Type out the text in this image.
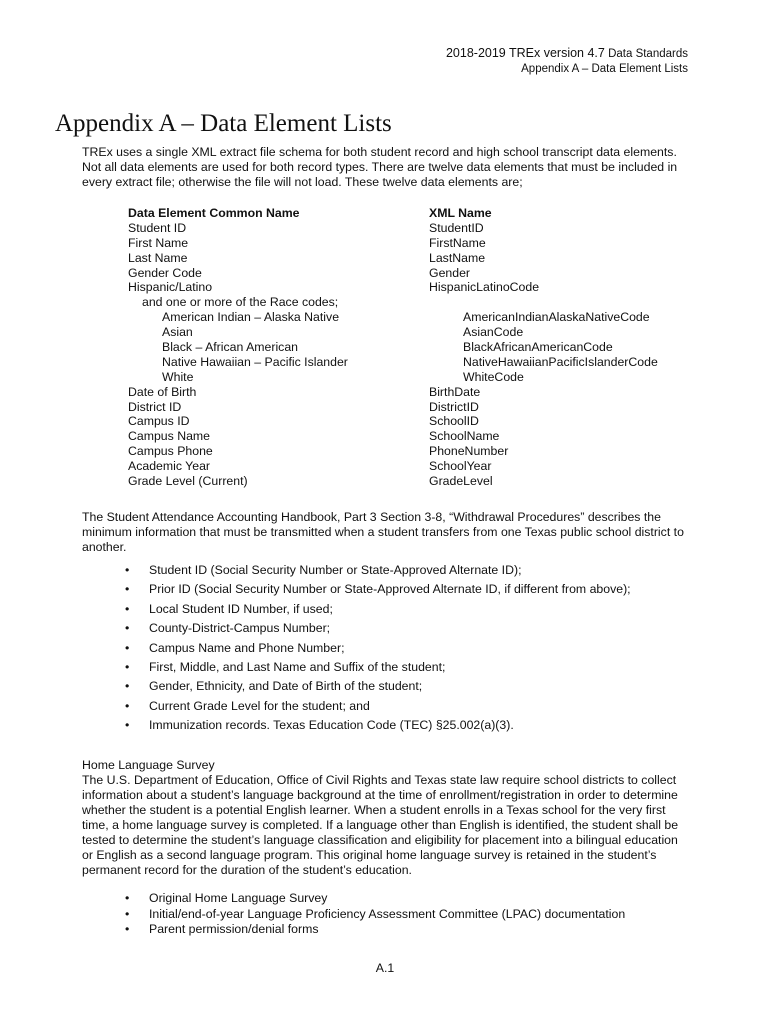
2018-2019 TREx version 4.7 Data Standards
Appendix A – Data Element Lists
Appendix A – Data Element Lists

TREx uses a single XML extract file schema for both student record and high school transcript data elements. Not all data elements are used for both record types. There are twelve data elements that must be included in every extract file; otherwise the file will not load. These twelve data elements are;

Data Element Common Name	XML Name
Student ID	StudentID
First Name	FirstName
Last Name	LastName
Gender Code	Gender
Hispanic/Latino	HispanicLatinoCode
and one or more of the Race codes;
American Indian – Alaska Native	AmericanIndianAlaskaNativeCode
Asian	AsianCode
Black – African American	BlackAfricanAmericanCode
Native Hawaiian – Pacific Islander	NativeHawaiianPacificIslanderCode
White	WhiteCode
Date of Birth	BirthDate
District ID	DistrictID
Campus ID	SchoolID
Campus Name	SchoolName
Campus Phone	PhoneNumber
Academic Year	SchoolYear
Grade Level (Current)	GradeLevel

The Student Attendance Accounting Handbook, Part 3 Section 3-8, “Withdrawal Procedures” describes the minimum information that must be transmitted when a student transfers from one Texas public school district to another.

• Student ID (Social Security Number or State-Approved Alternate ID);
• Prior ID (Social Security Number or State-Approved Alternate ID, if different from above);
• Local Student ID Number, if used;
• County-District-Campus Number;
• Campus Name and Phone Number;
• First, Middle, and Last Name and Suffix of the student;
• Gender, Ethnicity, and Date of Birth of the student;
• Current Grade Level for the student; and
• Immunization records. Texas Education Code (TEC) §25.002(a)(3).
Home Language Survey
The U.S. Department of Education, Office of Civil Rights and Texas state law require school districts to collect information about a student’s language background at the time of enrollment/registration in order to determine whether the student is a potential English learner. When a student enrolls in a Texas school for the very first time, a home language survey is completed. If a language other than English is identified, the student shall be tested to determine the student’s language classification and eligibility for placement into a bilingual education or English as a second language program. This original home language survey is retained in the student’s permanent record for the duration of the student’s education.
• Original Home Language Survey
• Initial/end-of-year Language Proficiency Assessment Committee (LPAC) documentation
• Parent permission/denial forms
A.1
